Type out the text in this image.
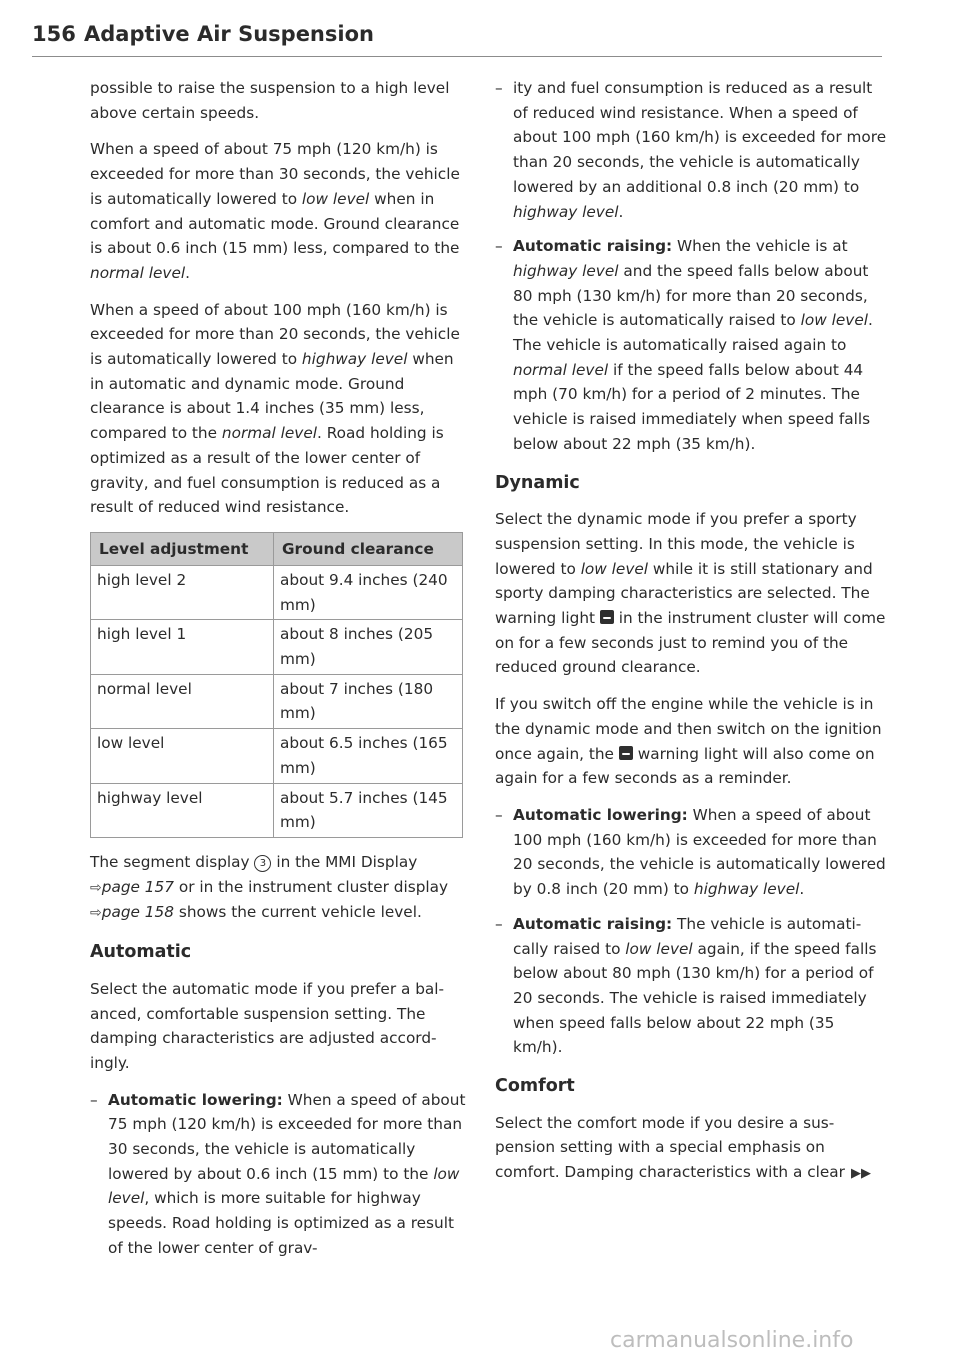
156 Adaptive Air Suspension

possible to raise the suspension to a high level above certain speeds.

When a speed of about 75 mph (120 km/h) is exceeded for more than 30 seconds, the vehicle is automatically lowered to low level when in comfort and automatic mode. Ground clearance is about 0.6 inch (15 mm) less, compared to the normal level.

When a speed of about 100 mph (160 km/h) is exceeded for more than 20 seconds, the vehicle is automatically lowered to highway level when in automatic and dynamic mode. Ground clearance is about 1.4 inches (35 mm) less, compared to the normal level. Road holding is optimized as a result of the lower center of gravity, and fuel consumption is reduced as a result of reduced wind resistance.

Level adjustment	Ground clearance
high level 2	about 9.4 inches (240 mm)
high level 1	about 8 inches (205 mm)
normal level	about 7 inches (180 mm)
low level	about 6.5 inches (165 mm)
highway level	about 5.7 inches (145 mm)

The segment display 3 in the MMI Display ⇨page 157 or in the instrument cluster display ⇨page 158 shows the current vehicle level.

Automatic

Select the automatic mode if you prefer a balanced, comfortable suspension setting. The damping characteristics are adjusted accordingly.

– Automatic lowering: When a speed of about 75 mph (120 km/h) is exceeded for more than 30 seconds, the vehicle is automatically lowered by about 0.6 inch (15 mm) to the low level, which is more suitable for highway speeds. Road holding is optimized as a result of the lower center of grav-
– ity and fuel consumption is reduced as a result of reduced wind resistance. When a speed of about 100 mph (160 km/h) is exceeded for more than 20 seconds, the vehicle is automatically lowered by an additional 0.8 inch (20 mm) to highway level.
– Automatic raising: When the vehicle is at highway level and the speed falls below about 80 mph (130 km/h) for more than 20 seconds, the vehicle is automatically raised to low level. The vehicle is automatically raised again to normal level if the speed falls below about 44 mph (70 km/h) for a period of 2 minutes. The vehicle is raised immediately when speed falls below about 22 mph (35 km/h).
Dynamic

Select the dynamic mode if you prefer a sporty suspension setting. In this mode, the vehicle is lowered to low level while it is still stationary and sporty damping characteristics are selected. The warning light  in the instrument cluster will come on for a few seconds just to remind you of the reduced ground clearance.

If you switch off the engine while the vehicle is in the dynamic mode and then switch on the ignition once again, the  warning light will also come on again for a few seconds as a reminder.

– Automatic lowering: When a speed of about 100 mph (160 km/h) is exceeded for more than 20 seconds, the vehicle is automatically lowered by 0.8 inch (20 mm) to highway level.
– Automatic raising: The vehicle is automatically raised to low level again, if the speed falls below about 80 mph (130 km/h) for a period of 20 seconds. The vehicle is raised immediately when speed falls below about 22 mph (35 km/h).
Comfort

Select the comfort mode if you desire a suspension setting with a special emphasis on comfort. Damping characteristics with a clear ▶▶

carmanualsonline.info
